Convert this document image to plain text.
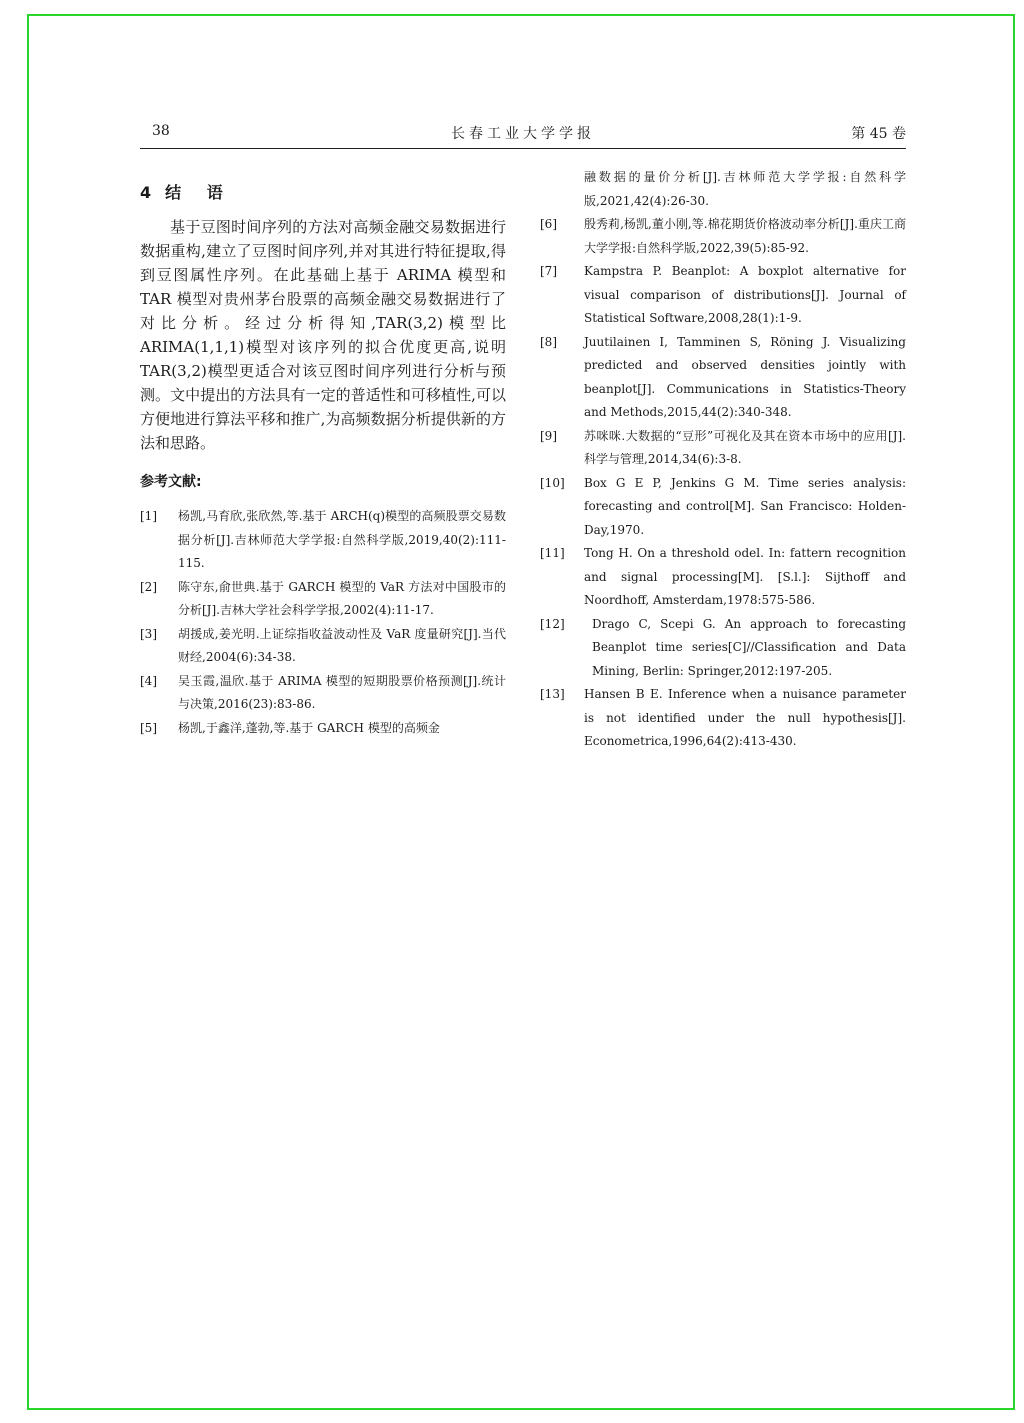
38	长春工业大学学报	第 45 卷
4 结 语

基于豆图时间序列的方法对高频金融交易数据进行数据重构,建立了豆图时间序列,并对其进行特征提取,得到豆图属性序列。在此基础上基于 ARIMA 模型和 TAR 模型对贵州茅台股票的高频金融交易数据进行了对比分析。经过分析得知,TAR(3,2)模型比 ARIMA(1,1,1)模型对该序列的拟合优度更高,说明 TAR(3,2)模型更适合对该豆图时间序列进行分析与预测。文中提出的方法具有一定的普适性和可移植性,可以方便地进行算法平移和推广,为高频数据分析提供新的方法和思路。

参考文献:
[1]	杨凯,马育欣,张欣然,等.基于 ARCH(q)模型的高频股票交易数据分析[J].吉林师范大学学报:自然科学版,2019,40(2):111-115.
[2]	陈守东,俞世典.基于 GARCH 模型的 VaR 方法对中国股市的分析[J].吉林大学社会科学学报,2002(4):11-17.
[3]	胡援成,姜光明.上证综指收益波动性及 VaR 度量研究[J].当代财经,2004(6):34-38.
[4]	吴玉霞,温欣.基于 ARIMA 模型的短期股票价格预测[J].统计与决策,2016(23):83-86.
[5]	杨凯,于鑫洋,蓬勃,等.基于 GARCH 模型的高频金
融数据的量价分析[J].吉林师范大学学报:自然科学版,2021,42(4):26-30.
[6]	殷秀莉,杨凯,董小刚,等.棉花期货价格波动率分析[J].重庆工商大学学报:自然科学版,2022,39(5):85-92.
[7]	Kampstra P. Beanplot: A boxplot alternative for visual comparison of distributions[J]. Journal of Statistical Software,2008,28(1):1-9.
[8]	Juutilainen I, Tamminen S, Röning J. Visualizing predicted and observed densities jointly with beanplot[J]. Communications in Statistics-Theory and Methods,2015,44(2):340-348.
[9]	苏咪咪.大数据的“豆形”可视化及其在资本市场中的应用[J].科学与管理,2014,34(6):3-8.
[10]	Box G E P, Jenkins G M. Time series analysis: forecasting and control[M]. San Francisco: Holden-Day,1970.
[11]	Tong H. On a threshold odel. In: fattern recognition and signal processing[M]. [S.l.]: Sijthoff and Noordhoff, Amsterdam,1978:575-586.
[12]	Drago C, Scepi G. An approach to forecasting Beanplot time series[C]//Classification and Data Mining, Berlin: Springer,2012:197-205.
[13]	Hansen B E. Inference when a nuisance parameter is not identified under the null hypothesis[J]. Econometrica,1996,64(2):413-430.
